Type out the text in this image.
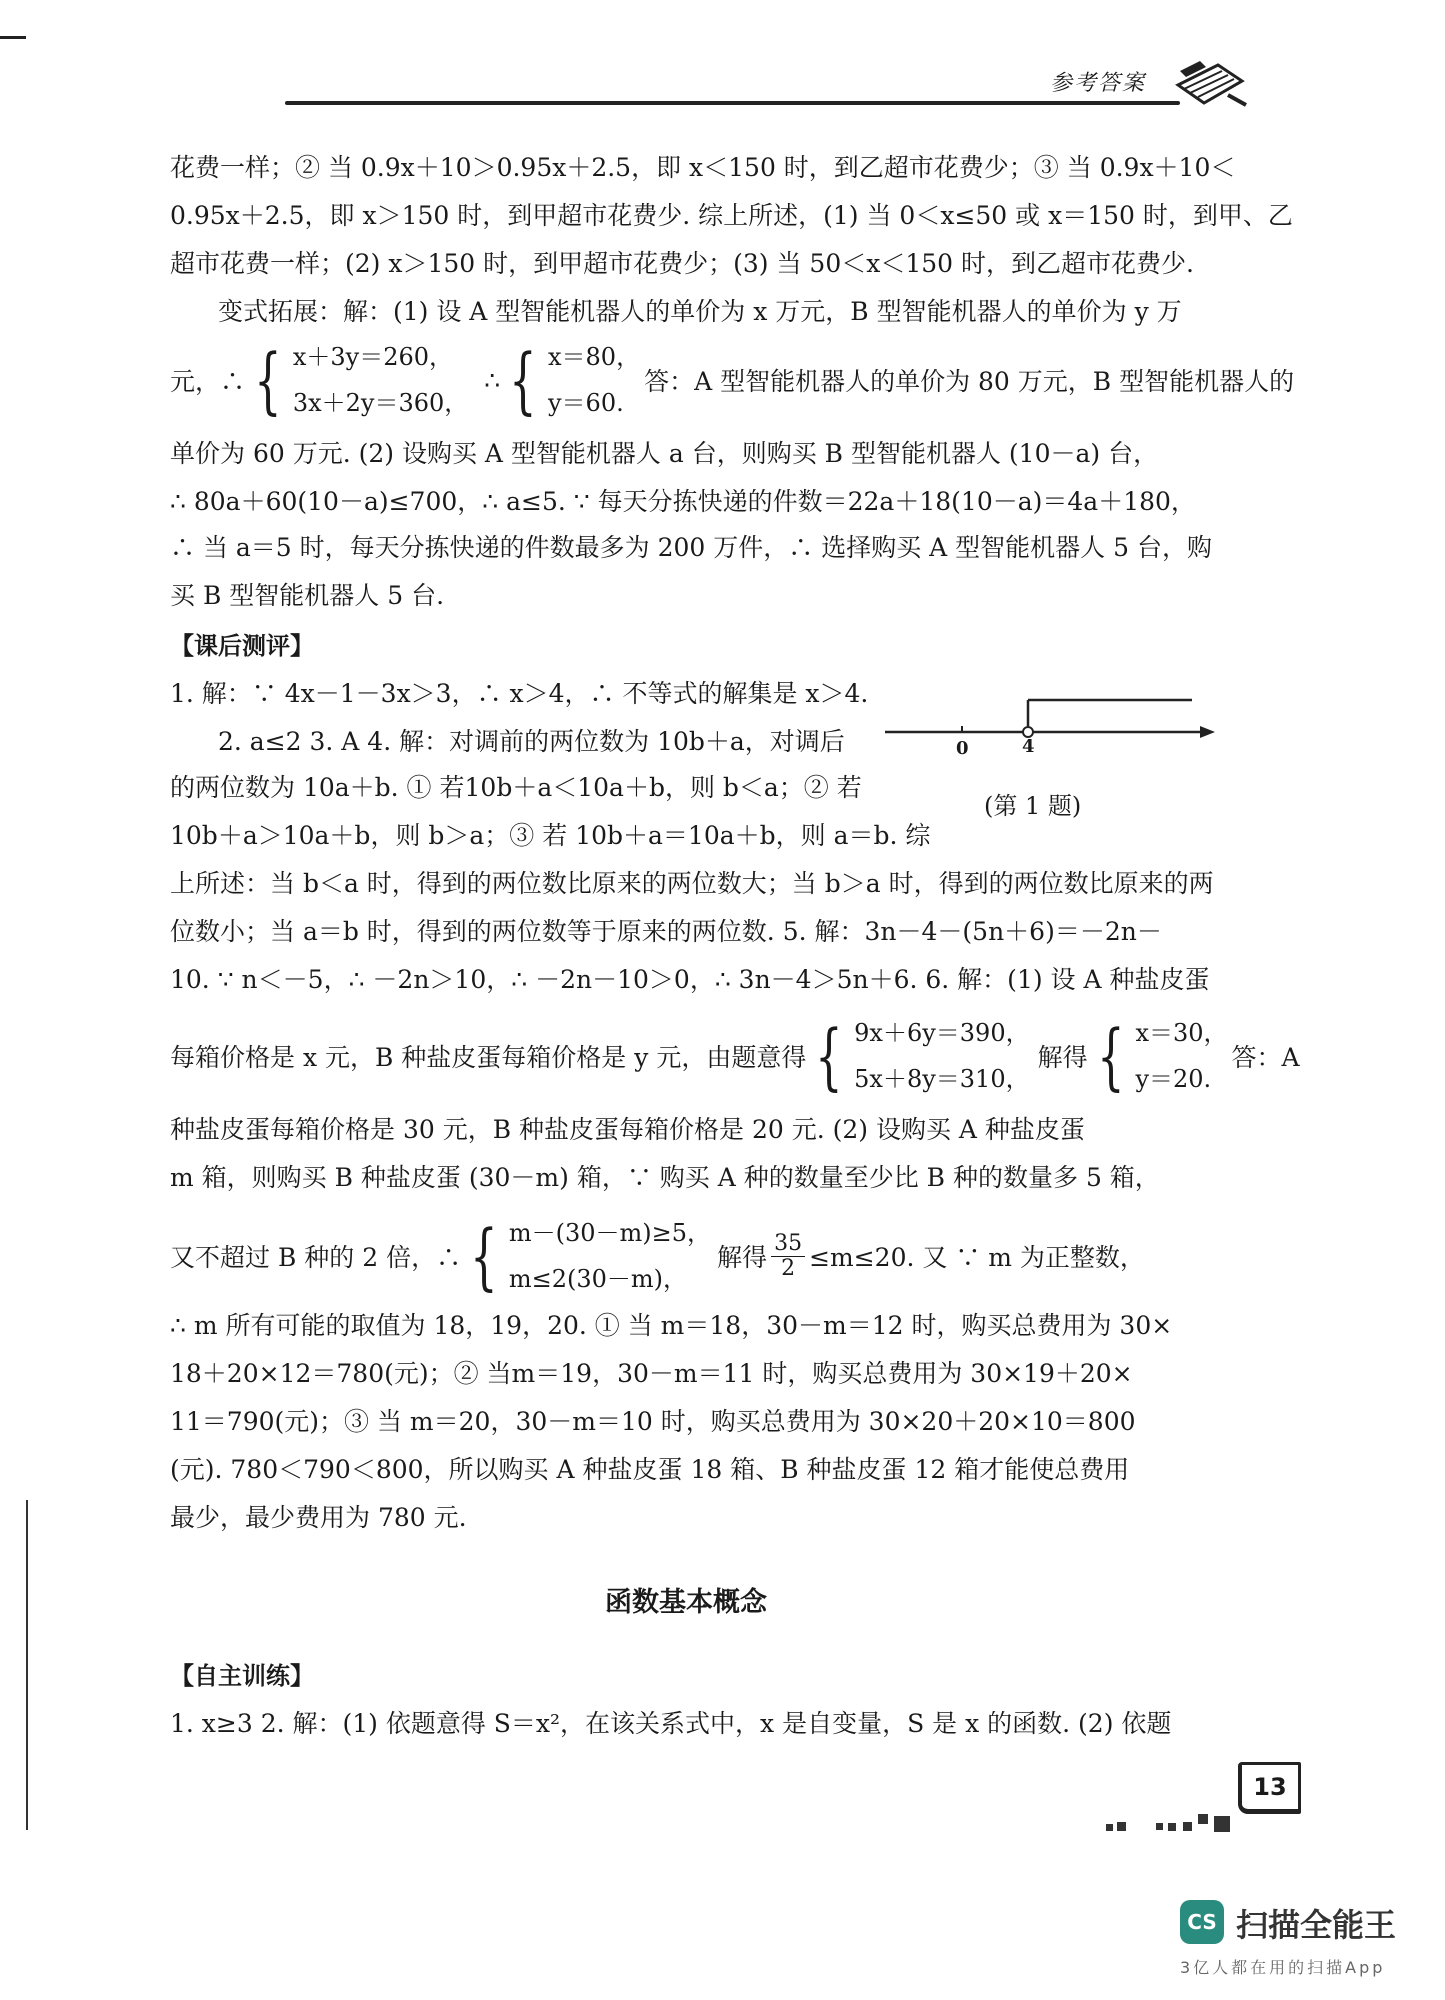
参考答案
花费一样；② 当 0.9x＋10＞0.95x＋2.5，即 x＜150 时，到乙超市花费少；③ 当 0.9x＋10＜
0.95x＋2.5，即 x＞150 时，到甲超市花费少. 综上所述，(1) 当 0＜x≤50 或 x＝150 时，到甲、乙
超市花费一样；(2) x＞150 时，到甲超市花费少；(3) 当 50＜x＜150 时，到乙超市花费少.
变式拓展：解：(1) 设 A 型智能机器人的单价为 x 万元，B 型智能机器人的单价为 y 万
元，∴ { x＋3y＝260，
3x＋2y＝360，
∴ { x＝80，
y＝60.
答：A 型智能机器人的单价为 80 万元，B 型智能机器人的
单价为 60 万元. (2) 设购买 A 型智能机器人 a 台，则购买 B 型智能机器人 (10－a) 台，
∴ 80a＋60(10－a)≤700，∴ a≤5. ∵ 每天分拣快递的件数＝22a＋18(10－a)＝4a＋180，
∴ 当 a＝5 时，每天分拣快递的件数最多为 200 万件，∴ 选择购买 A 型智能机器人 5 台，购
买 B 型智能机器人 5 台.
【课后测评】
1. 解：∵ 4x－1－3x＞3，∴ x＞4，∴ 不等式的解集是 x＞4.
2. a≤2 3. A 4. 解：对调前的两位数为 10b＋a，对调后
的两位数为 10a＋b. ① 若10b＋a＜10a＋b，则 b＜a；② 若
10b＋a＞10a＋b，则 b＞a；③ 若 10b＋a＝10a＋b，则 a＝b. 综
0	4
(第 1 题)
上所述：当 b＜a 时，得到的两位数比原来的两位数大；当 b＞a 时，得到的两位数比原来的两
位数小；当 a＝b 时，得到的两位数等于原来的两位数. 5. 解：3n－4－(5n＋6)＝－2n－
10. ∵ n＜－5，∴ －2n＞10，∴ －2n－10＞0，∴ 3n－4＞5n＋6. 6. 解：(1) 设 A 种盐皮蛋
每箱价格是 x 元，B 种盐皮蛋每箱价格是 y 元，由题意得 { 9x＋6y＝390，
5x＋8y＝310，
解得 { x＝30，
y＝20.
答：A
种盐皮蛋每箱价格是 30 元，B 种盐皮蛋每箱价格是 20 元. (2) 设购买 A 种盐皮蛋
m 箱，则购买 B 种盐皮蛋 (30－m) 箱，∵ 购买 A 种的数量至少比 B 种的数量多 5 箱，
又不超过 B 种的 2 倍，∴ { m－(30－m)≥5，
m≤2(30－m)，
解得 $\frac{35}{2} \le m\le 20$. 又 ∵ m 为正整数，
∴ m 所有可能的取值为 18，19，20. ① 当 m＝18，30－m＝12 时，购买总费用为 30×
18＋20×12＝780(元)；② 当m＝19，30－m＝11 时，购买总费用为 30×19＋20×
11＝790(元)；③ 当 m＝20，30－m＝10 时，购买总费用为 30×20＋20×10＝800
(元). 780＜790＜800，所以购买 A 种盐皮蛋 18 箱、B 种盐皮蛋 12 箱才能使总费用
最少，最少费用为 780 元.
函数基本概念
【自主训练】
1. x≥3 2. 解：(1) 依题意得 S＝x²，在该关系式中，x 是自变量，S 是 x 的函数. (2) 依题
13
CS 扫描全能王
3亿人都在用的扫描App
